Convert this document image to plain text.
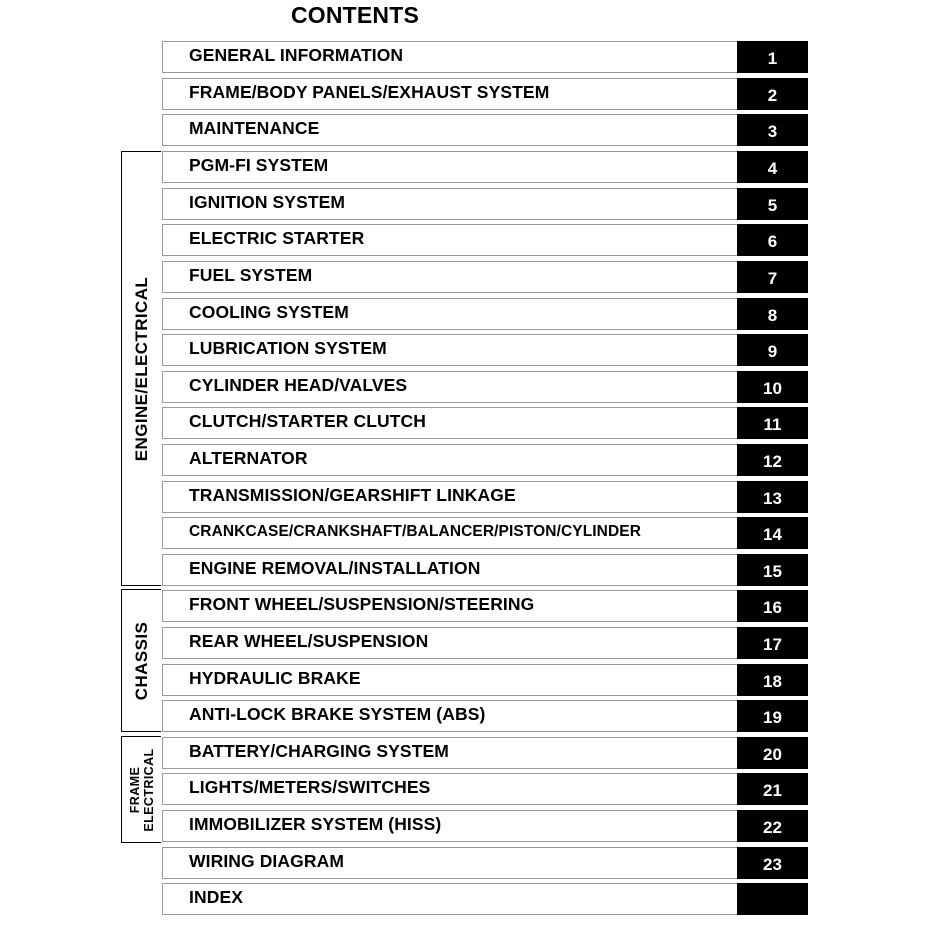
CONTENTS
ENGINE/ELECTRICAL
CHASSIS
FRAME
ELECTRICAL
GENERAL INFORMATION	1
FRAME/BODY PANELS/EXHAUST SYSTEM	2
MAINTENANCE	3
PGM-FI SYSTEM	4
IGNITION SYSTEM	5
ELECTRIC STARTER	6
FUEL SYSTEM	7
COOLING SYSTEM	8
LUBRICATION SYSTEM	9
CYLINDER HEAD/VALVES	10
CLUTCH/STARTER CLUTCH	11
ALTERNATOR	12
TRANSMISSION/GEARSHIFT LINKAGE	13
CRANKCASE/CRANKSHAFT/BALANCER/PISTON/CYLINDER	14
ENGINE REMOVAL/INSTALLATION	15
FRONT WHEEL/SUSPENSION/STEERING	16
REAR WHEEL/SUSPENSION	17
HYDRAULIC BRAKE	18
ANTI-LOCK BRAKE SYSTEM (ABS)	19
BATTERY/CHARGING SYSTEM	20
LIGHTS/METERS/SWITCHES	21
IMMOBILIZER SYSTEM (HISS)	22
WIRING DIAGRAM	23
INDEX
